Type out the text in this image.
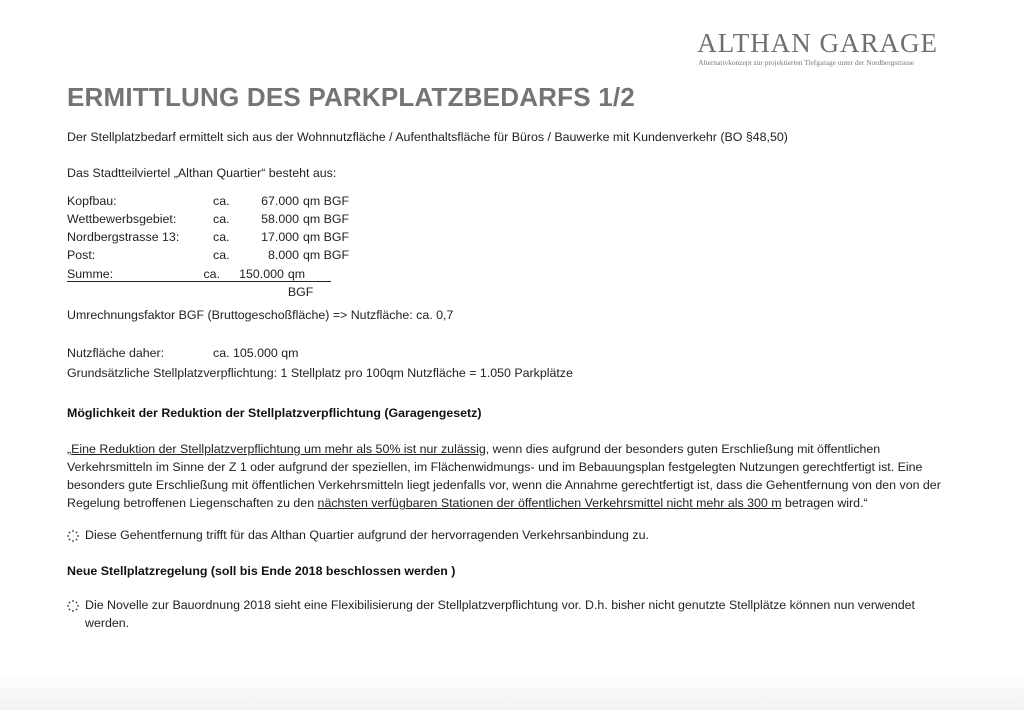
ALTHAN GARAGE
Alternativkonzept zur projektierten Tiefgarage unter der Nordbergstrasse
ERMITTLUNG DES PARKPLATZBEDARFS 1/2

Der Stellplatzbedarf ermittelt sich aus der Wohnnutzfläche / Aufenthaltsfläche für Büros / Bauwerke mit Kundenverkehr (BO §48,50)

Das Stadtteilviertel „Althan Quartier“ besteht aus:

Kopfbau:	ca.	67.000 qm BGF
Wettbewerbsgebiet:	ca.	58.000 qm BGF
Nordbergstrasse 13:	ca.	17.000 qm BGF
Post:	ca.	8.000 qm BGF
Summe:	ca.	150.000 qm BGF

Umrechnungsfaktor BGF (Bruttogeschoßfläche) => Nutzfläche: ca. 0,7

Nutzfläche daher:	ca. 105.000 qm

Grundsätzliche Stellplatzverpflichtung: 1 Stellplatz pro 100qm Nutzfläche = 1.050 Parkplätze

Möglichkeit der Reduktion der Stellplatzverpflichtung (Garagengesetz)

„Eine Reduktion der Stellplatzverpflichtung um mehr als 50% ist nur zulässig, wenn dies aufgrund der besonders guten Erschließung mit öffentlichen Verkehrsmitteln im Sinne der Z 1 oder aufgrund der speziellen, im Flächenwidmungs- und im Bebauungsplan festgelegten Nutzungen gerechtfertigt ist. Eine besonders gute Erschließung mit öffentlichen Verkehrsmitteln liegt jedenfalls vor, wenn die Annahme gerechtfertigt ist, dass die Gehentfernung von den von der Regelung betroffenen Liegenschaften zu den nächsten verfügbaren Stationen der öffentlichen Verkehrsmittel nicht mehr als 300 m betragen wird.“

Diese Gehentfernung trifft für das Althan Quartier aufgrund der hervorragenden Verkehrsanbindung zu.
Neue Stellplatzregelung (soll bis Ende 2018 beschlossen werden )
Die Novelle zur Bauordnung 2018 sieht eine Flexibilisierung der Stellplatzverpflichtung vor. D.h. bisher nicht genutzte Stellplätze können nun verwendet werden.
